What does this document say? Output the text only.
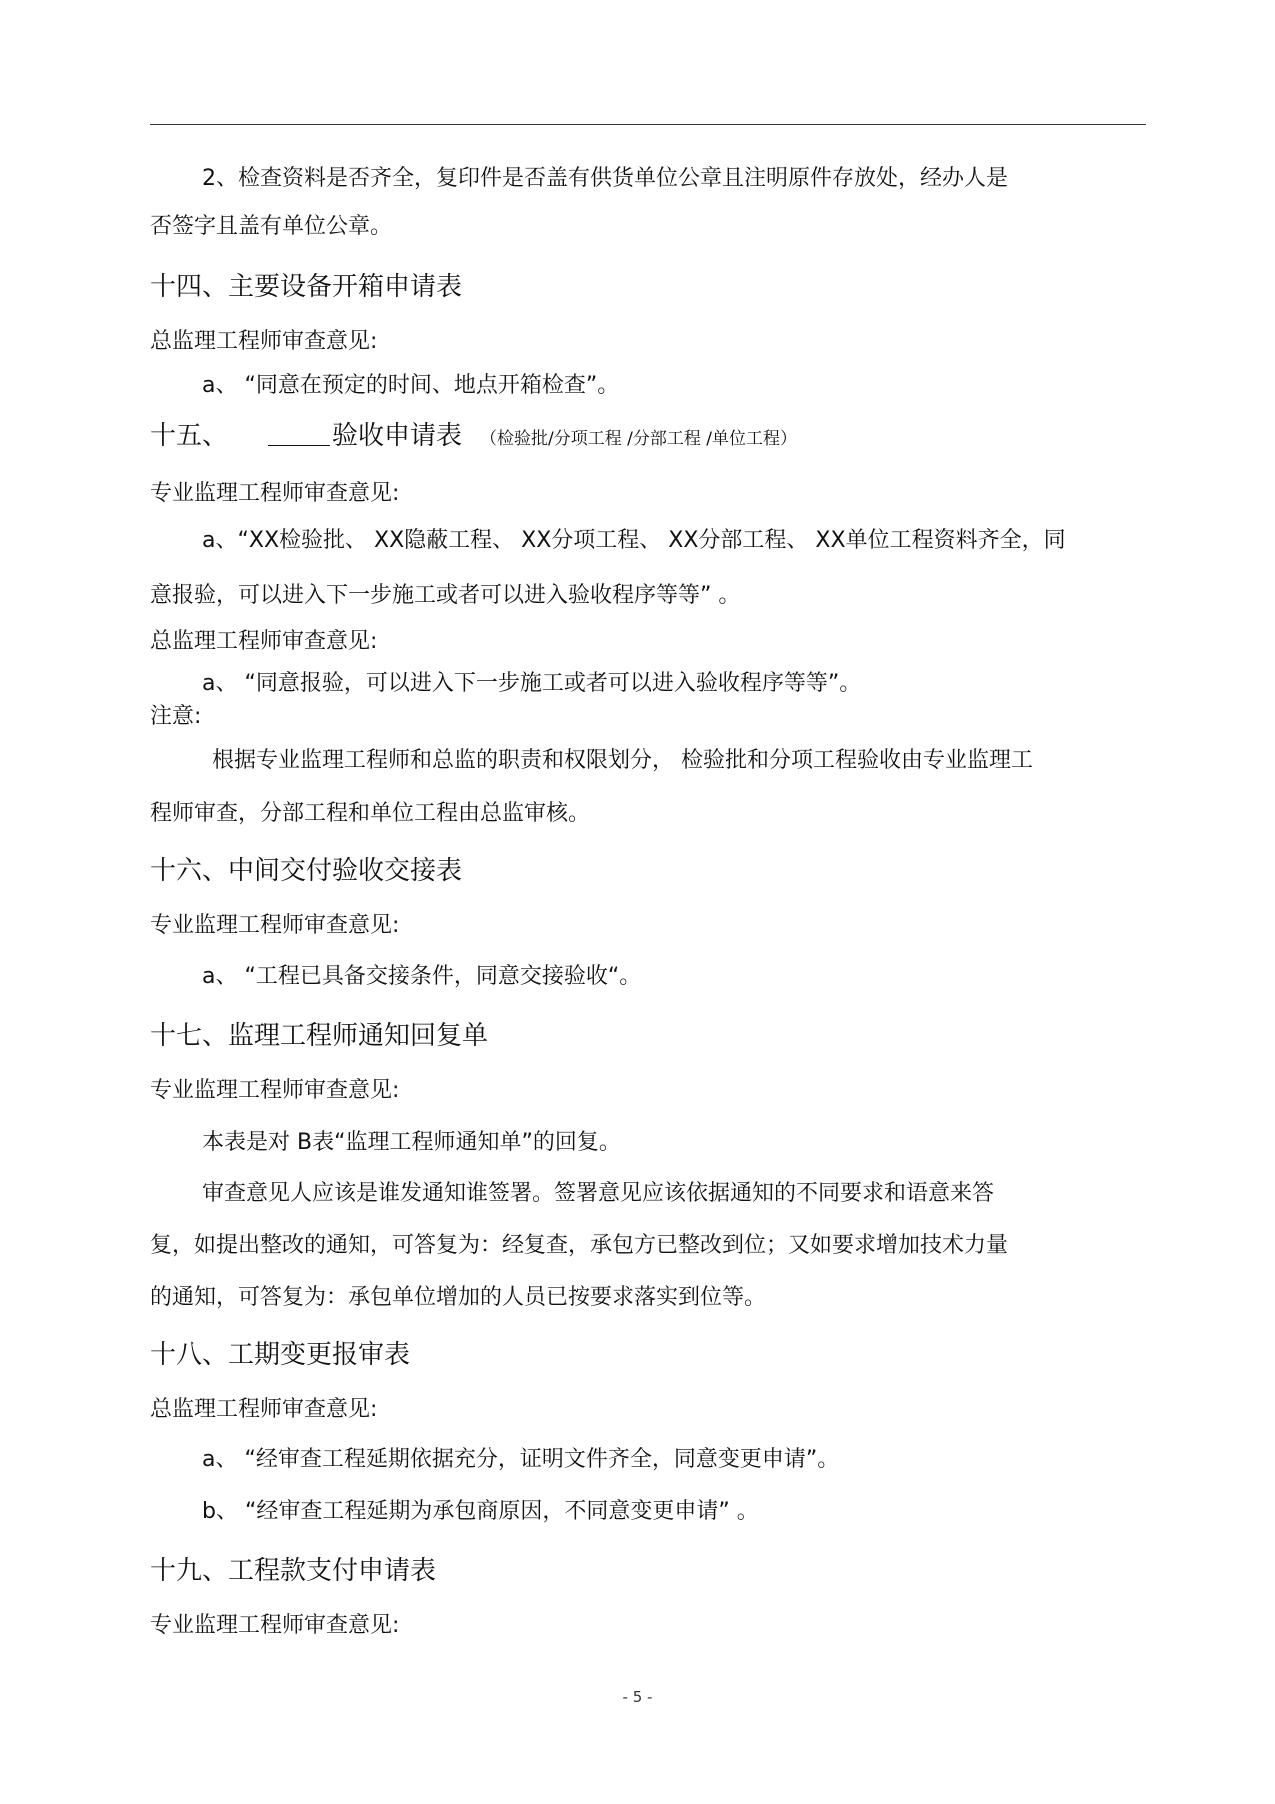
2、检查资料是否齐全，复印件是否盖有供货单位公章且注明原件存放处，经办人是
否签字且盖有单位公章。
十四、主要设备开箱申请表
总监理工程师审查意见:
a、 “同意在预定的时间、地点开箱检查”。
十五、	验收申请表 （检验批/分项工程 /分部工程 /单位工程）
专业监理工程师审查意见:
a、“XX检验批、 XX隐蔽工程、 XX分项工程、 XX分部工程、 XX单位工程资料齐全，同
意报验，可以进入下一步施工或者可以进入验收程序等等” 。
总监理工程师审查意见:
a、 “同意报验，可以进入下一步施工或者可以进入验收程序等等”。
注意:
根据专业监理工程师和总监的职责和权限划分， 检验批和分项工程验收由专业监理工
程师审查，分部工程和单位工程由总监审核。
十六、中间交付验收交接表
专业监理工程师审查意见:
a、 “工程已具备交接条件，同意交接验收“。
十七、监理工程师通知回复单
专业监理工程师审查意见:
本表是对 B表“监理工程师通知单”的回复。
审查意见人应该是谁发通知谁签署。签署意见应该依据通知的不同要求和语意来答
复，如提出整改的通知，可答复为：经复查，承包方已整改到位；又如要求增加技术力量
的通知，可答复为：承包单位增加的人员已按要求落实到位等。
十八、工期变更报审表
总监理工程师审查意见:
a、 “经审查工程延期依据充分，证明文件齐全，同意变更申请”。
b、 “经审查工程延期为承包商原因，不同意变更申请” 。
十九、工程款支付申请表
专业监理工程师审查意见:
- 5 -
